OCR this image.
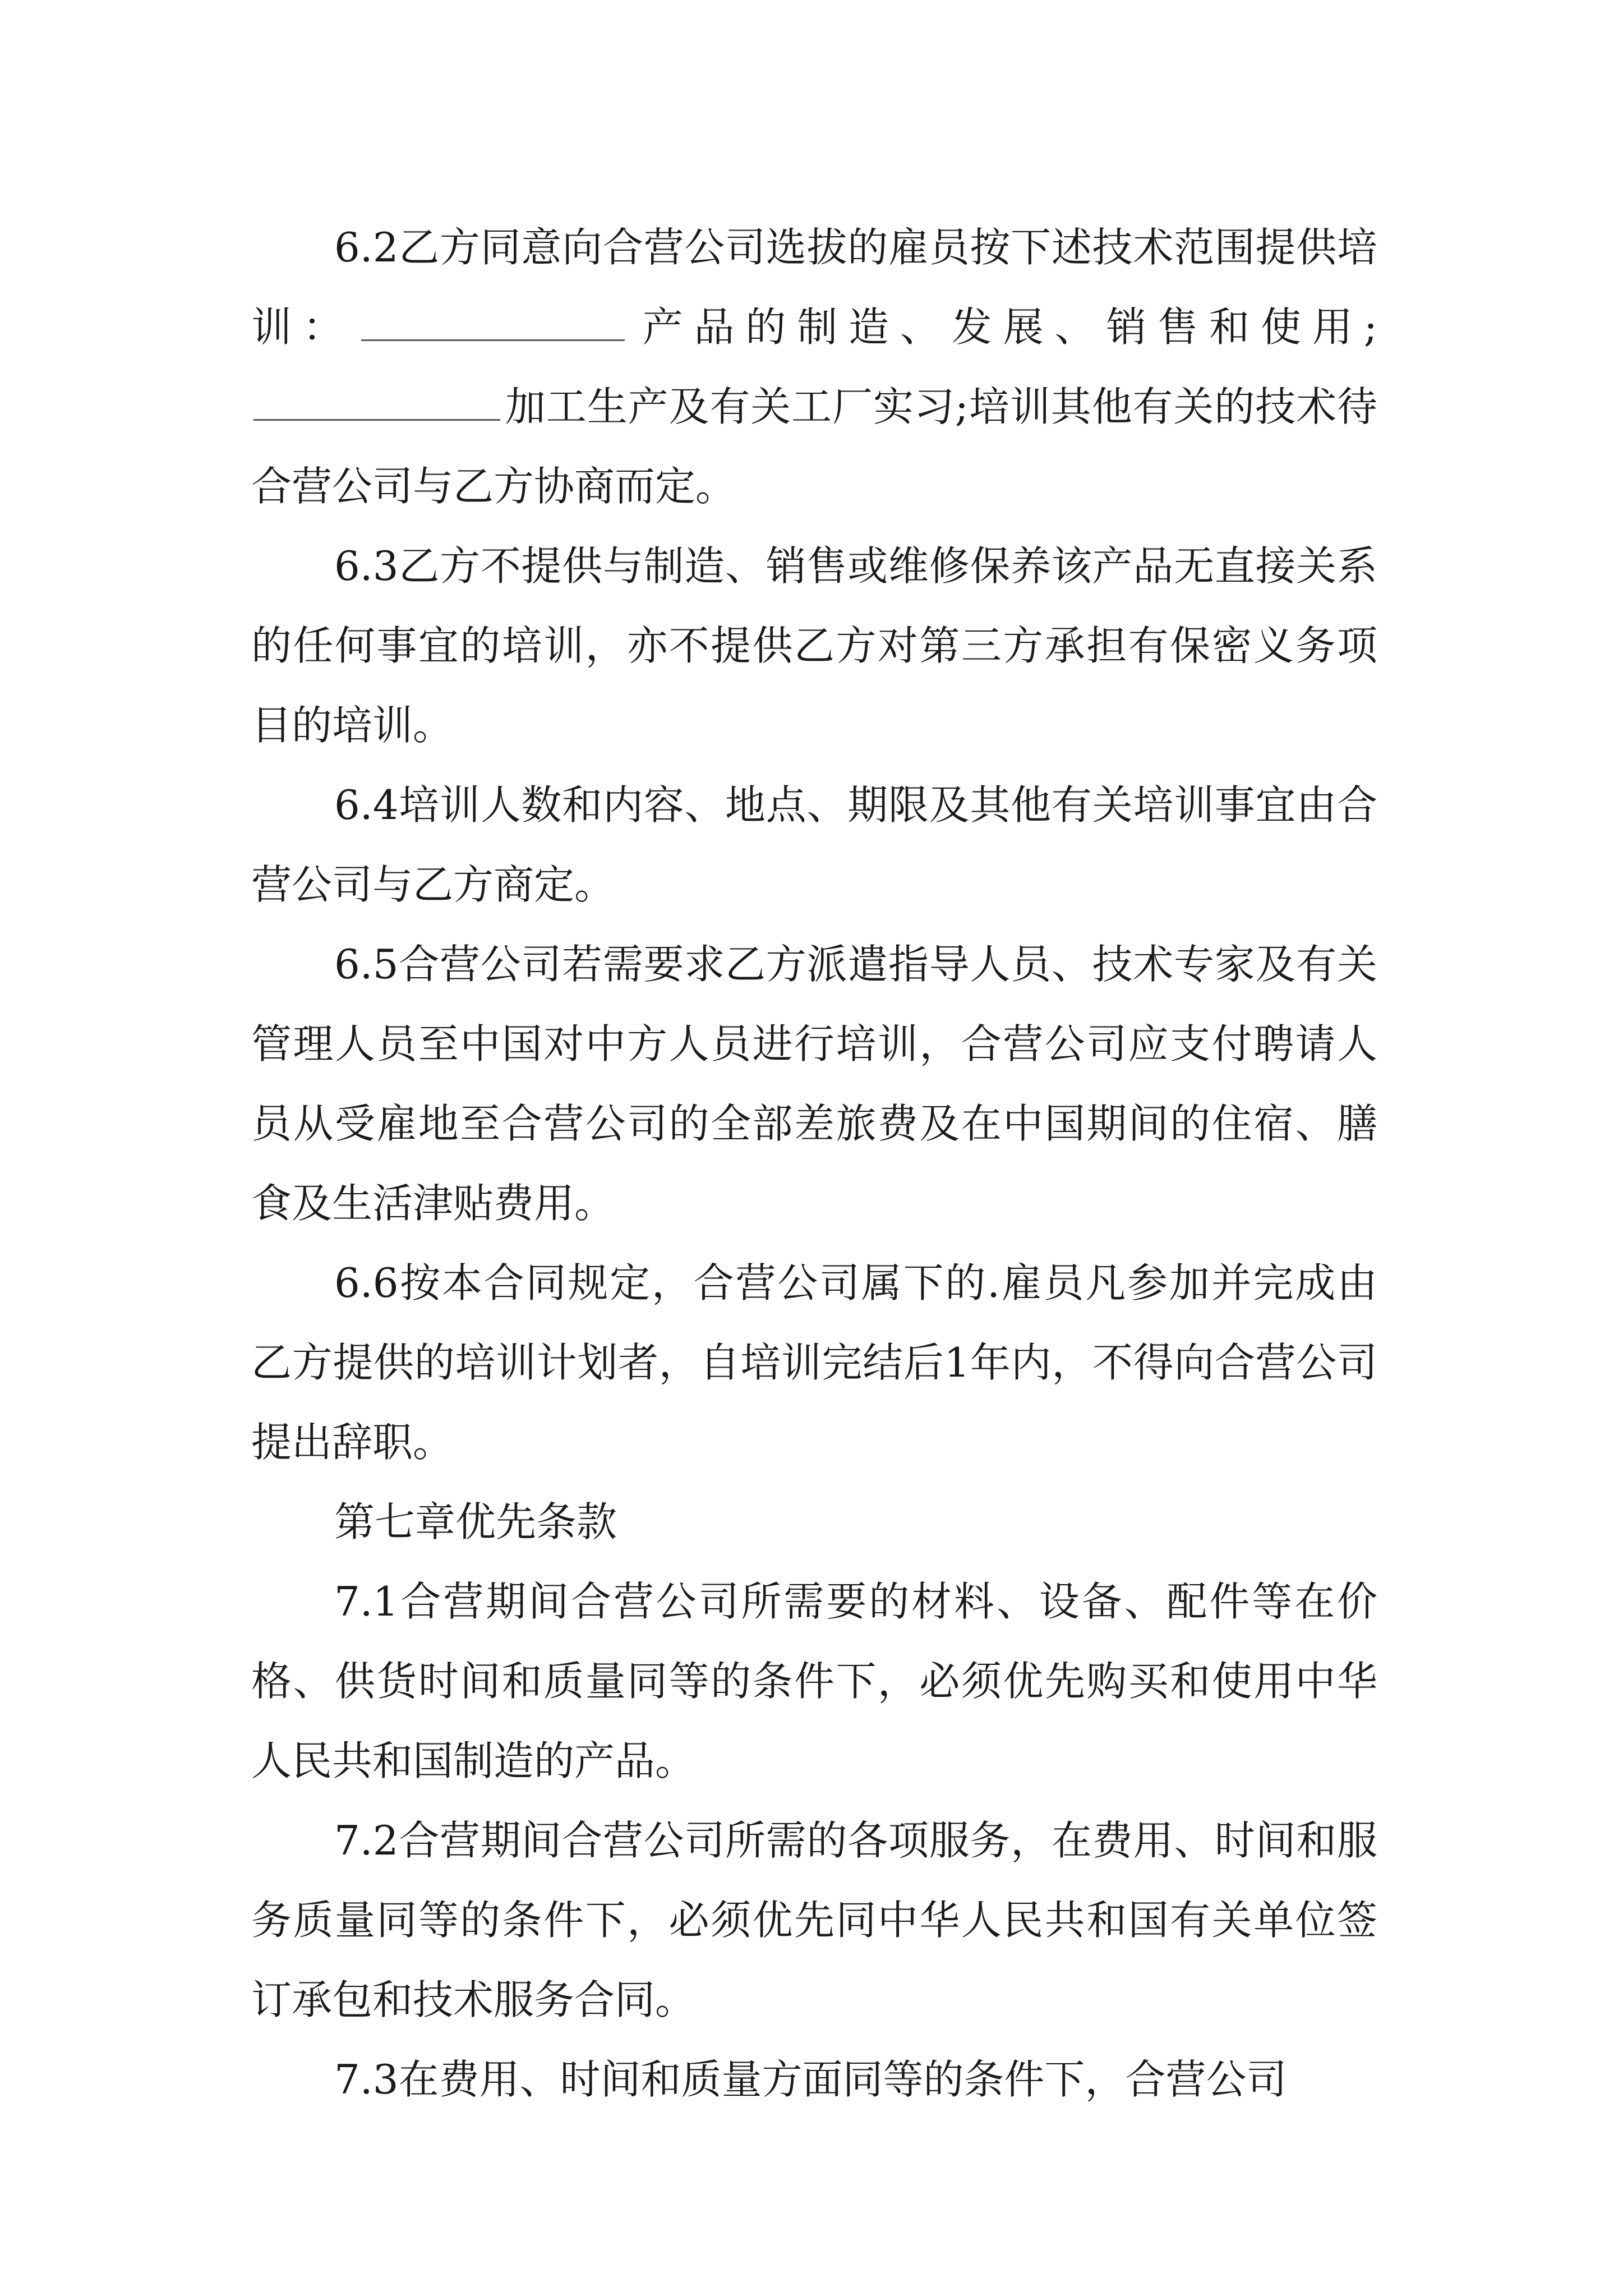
6.2乙方同意向合营公司选拔的雇员按下述技术范围提供培训：	产品的制造、发展、销售和使用;加工生产及有关工厂实习;培训其他有关的技术待合营公司与乙方协商而定。

6.3乙方不提供与制造、销售或维修保养该产品无直接关系的任何事宜的培训，亦不提供乙方对第三方承担有保密义务项目的培训。

6.4培训人数和内容、地点、期限及其他有关培训事宜由合营公司与乙方商定。

6.5合营公司若需要求乙方派遣指导人员、技术专家及有关管理人员至中国对中方人员进行培训，合营公司应支付聘请人员从受雇地至合营公司的全部差旅费及在中国期间的住宿、膳食及生活津贴费用。

6.6按本合同规定，合营公司属下的.雇员凡参加并完成由乙方提供的培训计划者，自培训完结后1年内，不得向合营公司提出辞职。

第七章优先条款

7.1合营期间合营公司所需要的材料、设备、配件等在价格、供货时间和质量同等的条件下，必须优先购买和使用中华人民共和国制造的产品。

7.2合营期间合营公司所需的各项服务，在费用、时间和服务质量同等的条件下，必须优先同中华人民共和国有关单位签订承包和技术服务合同。

7.3在费用、时间和质量方面同等的条件下，合营公司
